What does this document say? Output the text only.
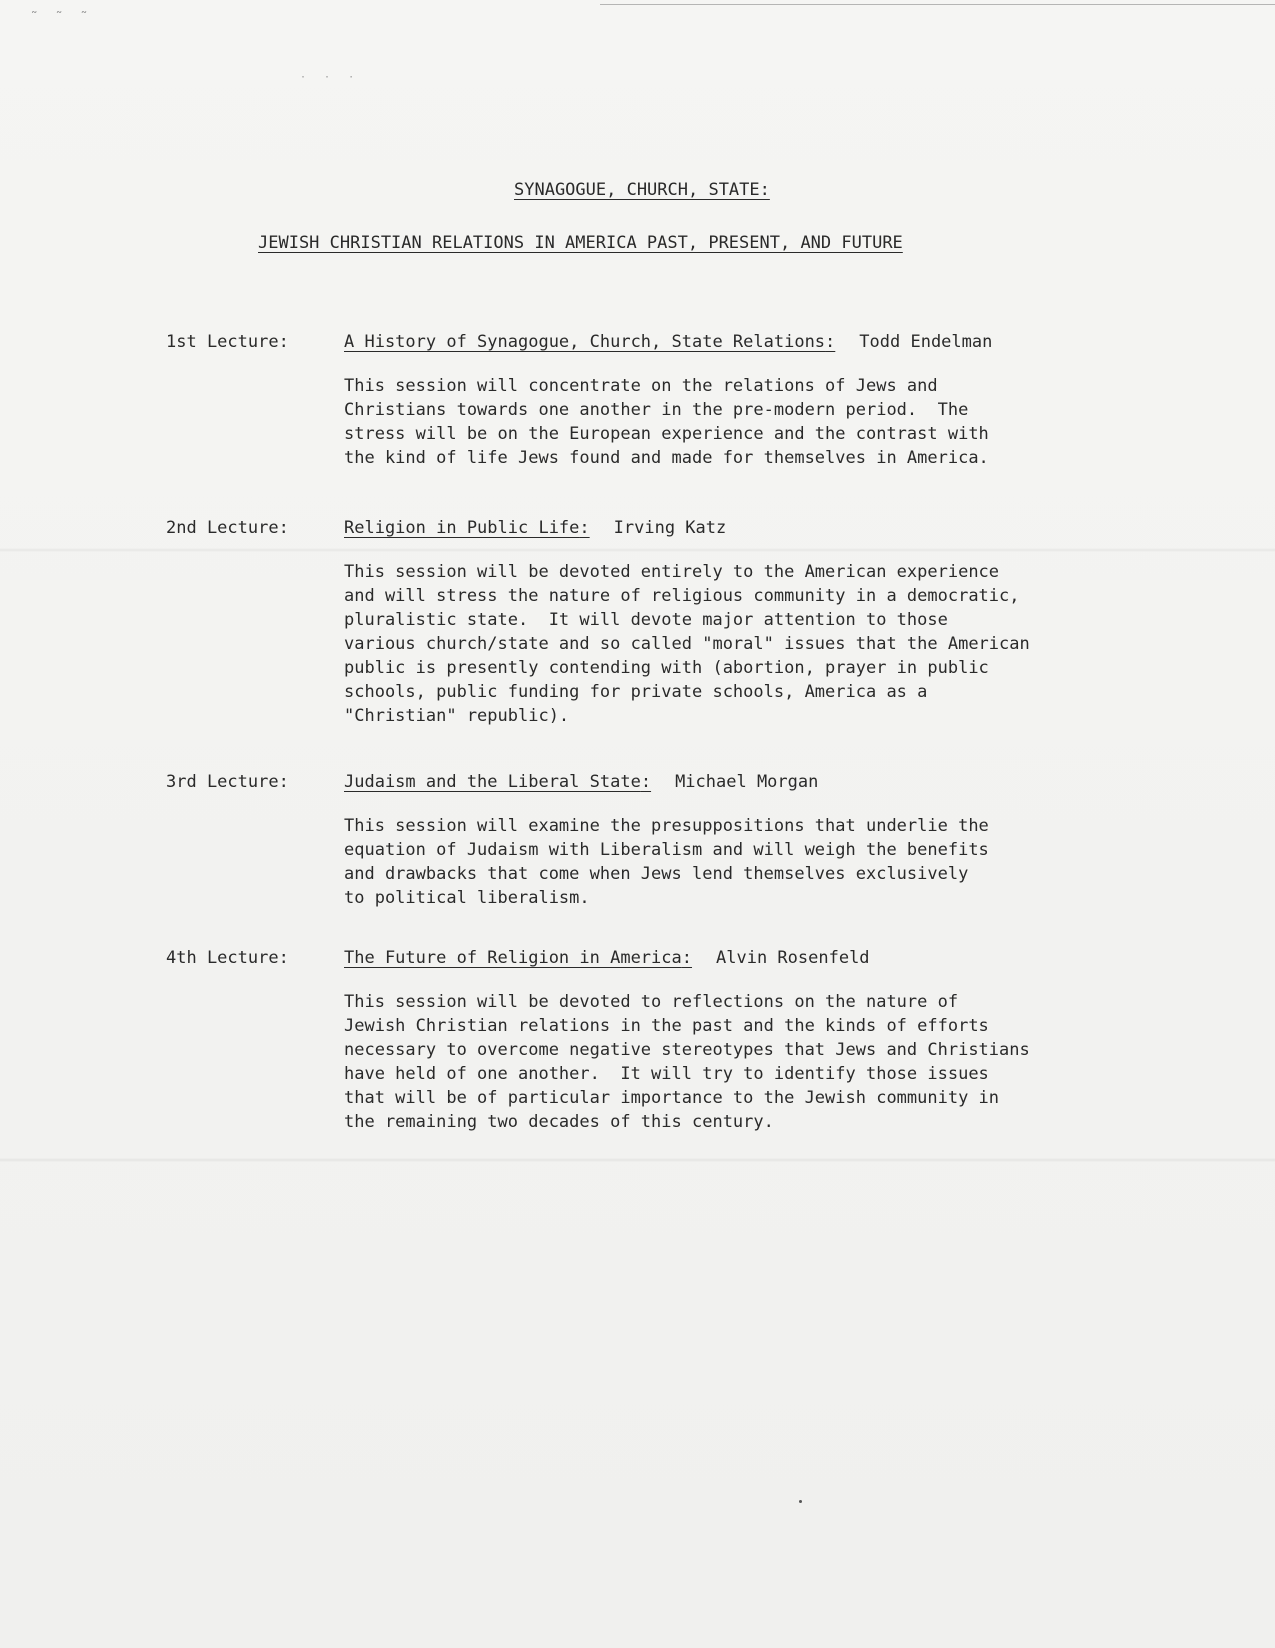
˜ ˜ ˜
· · ·
SYNAGOGUE, CHURCH, STATE:
JEWISH CHRISTIAN RELATIONS IN AMERICA PAST, PRESENT, AND FUTURE
1st Lecture:	A History of Synagogue, Church, State Relations: Todd Endelman
This session will concentrate on the relations of Jews and
Christians towards one another in the pre-modern period.  The
stress will be on the European experience and the contrast with
the kind of life Jews found and made for themselves in America.
2nd Lecture:	Religion in Public Life: Irving Katz
This session will be devoted entirely to the American experience
and will stress the nature of religious community in a democratic,
pluralistic state.  It will devote major attention to those
various church/state and so called "moral" issues that the American
public is presently contending with (abortion, prayer in public
schools, public funding for private schools, America as a
"Christian" republic).
3rd Lecture:	Judaism and the Liberal State: Michael Morgan
This session will examine the presuppositions that underlie the
equation of Judaism with Liberalism and will weigh the benefits
and drawbacks that come when Jews lend themselves exclusively
to political liberalism.
4th Lecture:	The Future of Religion in America: Alvin Rosenfeld
This session will be devoted to reflections on the nature of
Jewish Christian relations in the past and the kinds of efforts
necessary to overcome negative stereotypes that Jews and Christians
have held of one another.  It will try to identify those issues
that will be of particular importance to the Jewish community in
the remaining two decades of this century.
